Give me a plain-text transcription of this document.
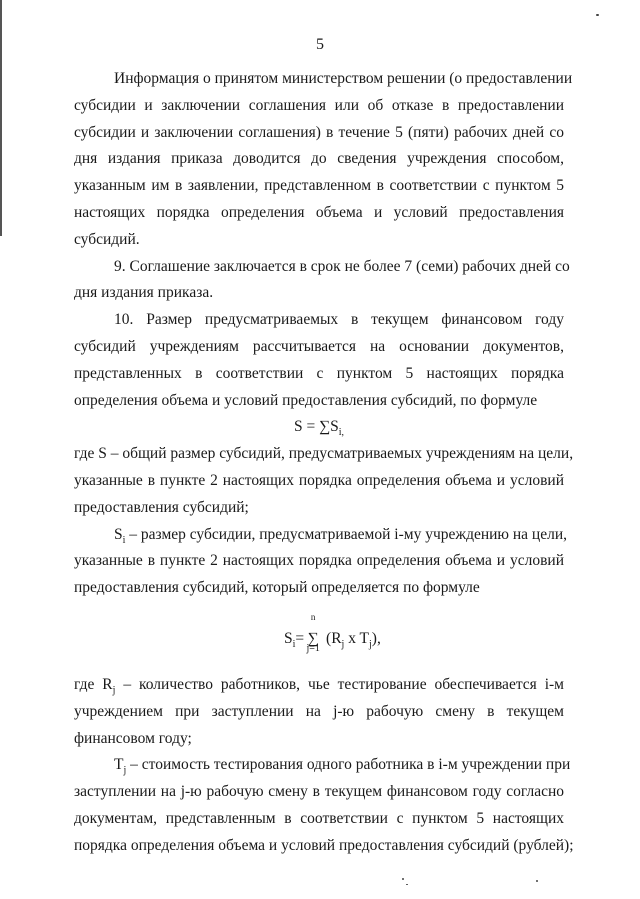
5
Информация о принятом министерством решении (о предоставлении
субсидии и заключении соглашения или об отказе в предоставлении
субсидии и заключении соглашения) в течение 5 (пяти) рабочих дней со
дня издания приказа доводится до сведения учреждения способом,
указанным им в заявлении, представленном в соответствии с пунктом 5
настоящих порядка определения объема и условий предоставления
субсидий.
9. Соглашение заключается в срок не более 7 (семи) рабочих дней со
дня издания приказа.
10. Размер предусматриваемых в текущем финансовом году
субсидий учреждениям рассчитывается на основании документов,
представленных в соответствии с пунктом 5 настоящих порядка
определения объема и условий предоставления субсидий, по формуле
$S = \sum S_{i,}$
где S – общий размер субсидий, предусматриваемых учреждениям на цели,
указанные в пункте 2 настоящих порядка определения объема и условий
предоставления субсидий;
$S_i$ – размер субсидии, предусматриваемой i-му учреждению на цели,
указанные в пункте 2 настоящих порядка определения объема и условий
предоставления субсидий, который определяется по формуле
$S_i=$
n
∑
j=1
($R_j$ x $T_j$),
где $R_j$ – количество работников, чье тестирование обеспечивается i-м
учреждением при заступлении на j-ю рабочую смену в текущем
финансовом году;
$T_j$ – стоимость тестирования одного работника в i-м учреждении при
заступлении на j-ю рабочую смену в текущем финансовом году согласно
документам, представленным в соответствии с пунктом 5 настоящих
порядка определения объема и условий предоставления субсидий (рублей);
